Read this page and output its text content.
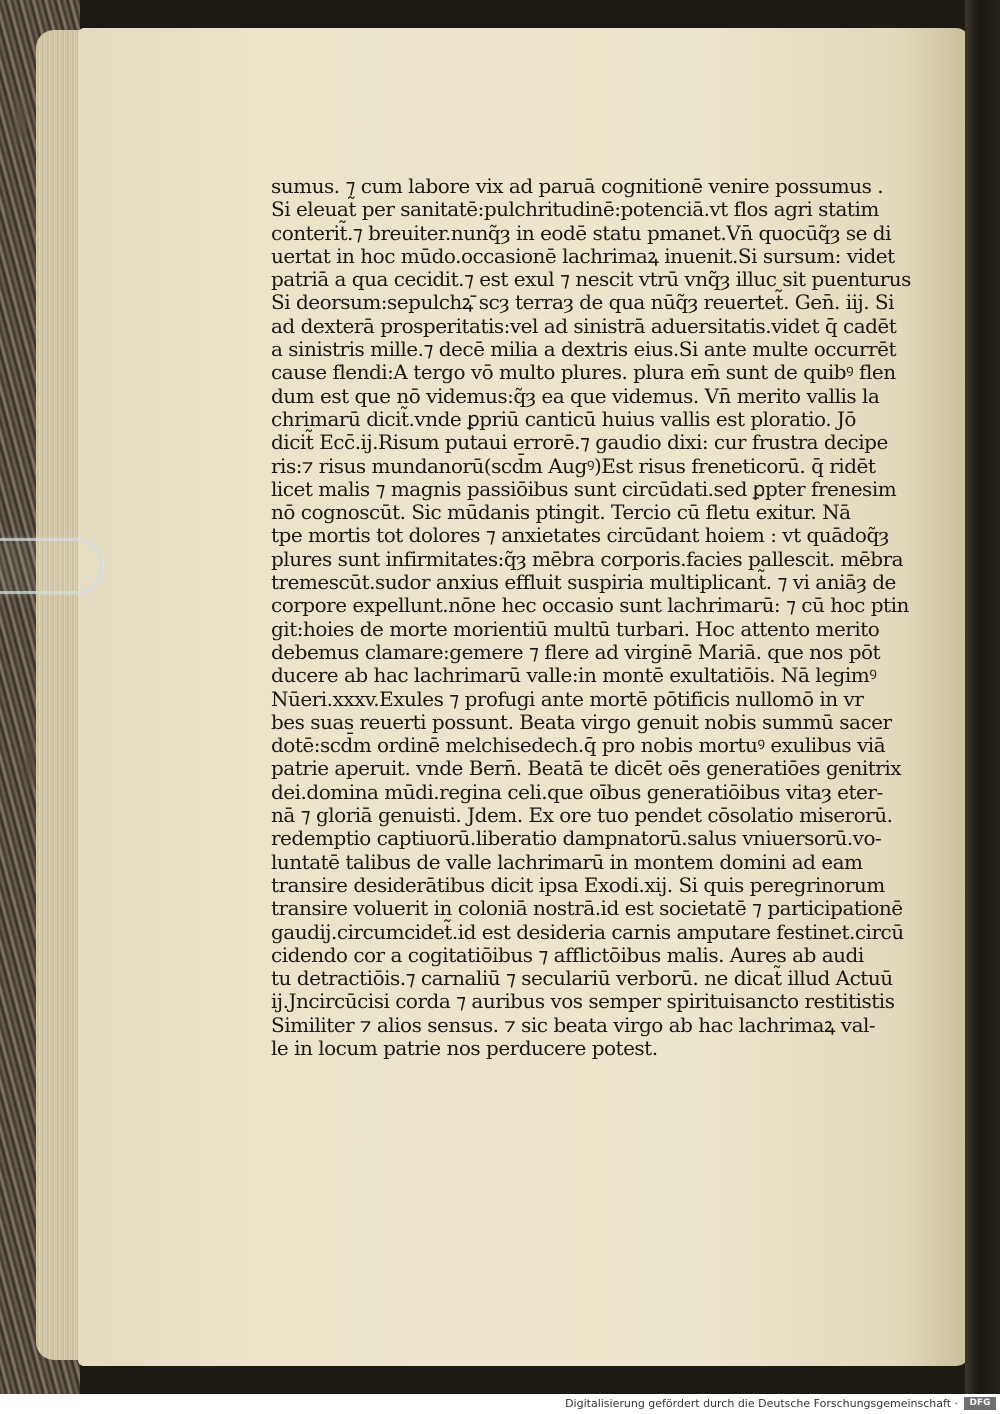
sumus. ⁊ cum labore vix ad paruā cognitionē venire possumus .
Si eleuat̃ per sanitatē:pulchritudinē:potenciā.vt flos agri statim
conterit̃.⁊ breuiter.nunq̃ȝ in eodē statu pmanet.Vn̄ quocūq̃ȝ se di
uertat in hoc mūdo.occasionē lachrimaꝝ inuenit.Si sursum: videt
patriā a qua cecidit.⁊ est exul ⁊ nescit vtrū vnq̃ȝ illuc sit puenturus
Si deorsum:sepulchꝝ̄ scȝ terraȝ de qua nūq̃ȝ reuertet̃. Gen̄. iij. Si
ad dexterā prosperitatis:vel ad sinistrā aduersitatis.videt q̄ cadēt
a sinistris mille.⁊ decē milia a dextris eius.Si ante multe occurrēt
cause flendi:A tergo vō multo plures. plura em̄ sunt de quibꝰ flen
dum est que nō videmus:q̃ȝ ea que videmus. Vn̄ merito vallis la
chrimarū dicit̃.vnde ꝑpriū canticū huius vallis est ploratio. Jō
dicit̃ Ecc̄.ij.Risum putaui errorē.⁊ gaudio dixi: cur frustra decipe
ris:⁊ risus mundanorū(scd̄m Augꝰ)Est risus freneticorū. q̄ ridēt
licet malis ⁊ magnis passiōibus sunt circūdati.sed ꝑpter frenesim
nō cognoscūt. Sic mūdanis ptingit. Tercio cū fletu exitur. Nā
tpe mortis tot dolores ⁊ anxietates circūdant hoiem : vt quādoq̃ȝ
plures sunt infirmitates:q̃ȝ mēbra corporis.facies pallescit. mēbra
tremescūt.sudor anxius effluit suspiria multiplicant̃. ⁊ vi aniāȝ de
corpore expellunt.nōne hec occasio sunt lachrimarū: ⁊ cū hoc ptin
git:hoies de morte morientiū multū turbari. Hoc attento merito
debemus clamare:gemere ⁊ flere ad virginē Mariā. que nos pōt
ducere ab hac lachrimarū valle:in montē exultatiōis. Nā legimꝰ
Nūeri.xxxv.Exules ⁊ profugi ante mortē pōtificis nullomō in vr
bes suas reuerti possunt. Beata virgo genuit nobis summū sacer
dotē:scd̄m ordinē melchisedech.q̄ pro nobis mortuꝰ exulibus viā
patrie aperuit. vnde Bern̄. Beatā te dicēt oēs generatiōes genitrix
dei.domina mūdi.regina celi.que oībus generatiōibus vitaȝ eter-
nā ⁊ gloriā genuisti. Jdem. Ex ore tuo pendet cōsolatio miserorū.
redemptio captiuorū.liberatio dampnatorū.salus vniuersorū.vo-
luntatē talibus de valle lachrimarū in montem domini ad eam
transire desiderātibus dicit ipsa Exodi.xij. Si quis peregrinorum
transire voluerit in coloniā nostrā.id est societatē ⁊ participationē
gaudij.circumcidet̃.id est desideria carnis amputare festinet.circū
cidendo cor a cogitatiōibus ⁊ afflictōibus malis. Aures ab audi
tu detractiōis.⁊ carnaliū ⁊ seculariū verborū. ne dicat̃ illud Actuū
ij.Jncircūcisi corda ⁊ auribus vos semper spirituisancto restitistis
Similiter ⁊ alios sensus. ⁊ sic beata virgo ab hac lachrimaꝝ val-
le in locum patrie nos perducere potest.
Digitalisierung gefördert durch die Deutsche Forschungsgemeinschaft ·	DFG
